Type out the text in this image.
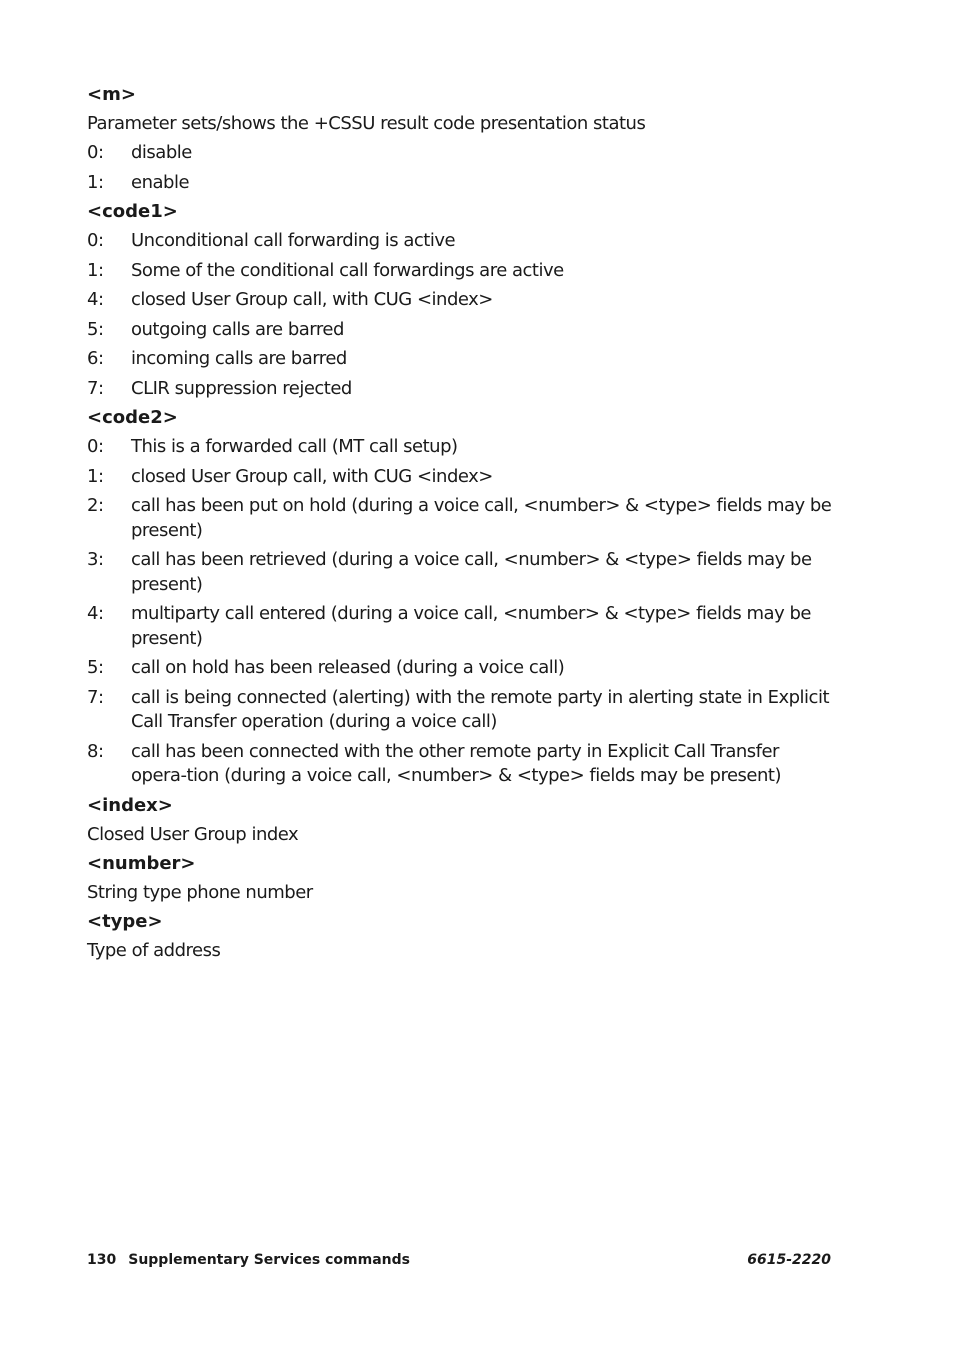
<m>
Parameter sets/shows the +CSSU result code presentation status
0:	disable
1:	enable
<code1>
0:	Unconditional call forwarding is active
1:	Some of the conditional call forwardings are active
4:	closed User Group call, with CUG <index>
5:	outgoing calls are barred
6:	incoming calls are barred
7:	CLIR suppression rejected
<code2>
0:	This is a forwarded call (MT call setup)
1:	closed User Group call, with CUG <index>
2:	call has been put on hold (during a voice call, <number> & <type> fields may be present)
3:	call has been retrieved (during a voice call, <number> & <type> fields may be present)
4:	multiparty call entered (during a voice call, <number> & <type> fields may be present)
5:	call on hold has been released (during a voice call)
7:	call is being connected (alerting) with the remote party in alerting state in Explicit Call Transfer operation (during a voice call)
8:	call has been connected with the other remote party in Explicit Call Transfer opera-tion (during a voice call, <number> & <type> fields may be present)
<index>
Closed User Group index
<number>
String type phone number
<type>
Type of address
130 Supplementary Services commands	6615-2220
